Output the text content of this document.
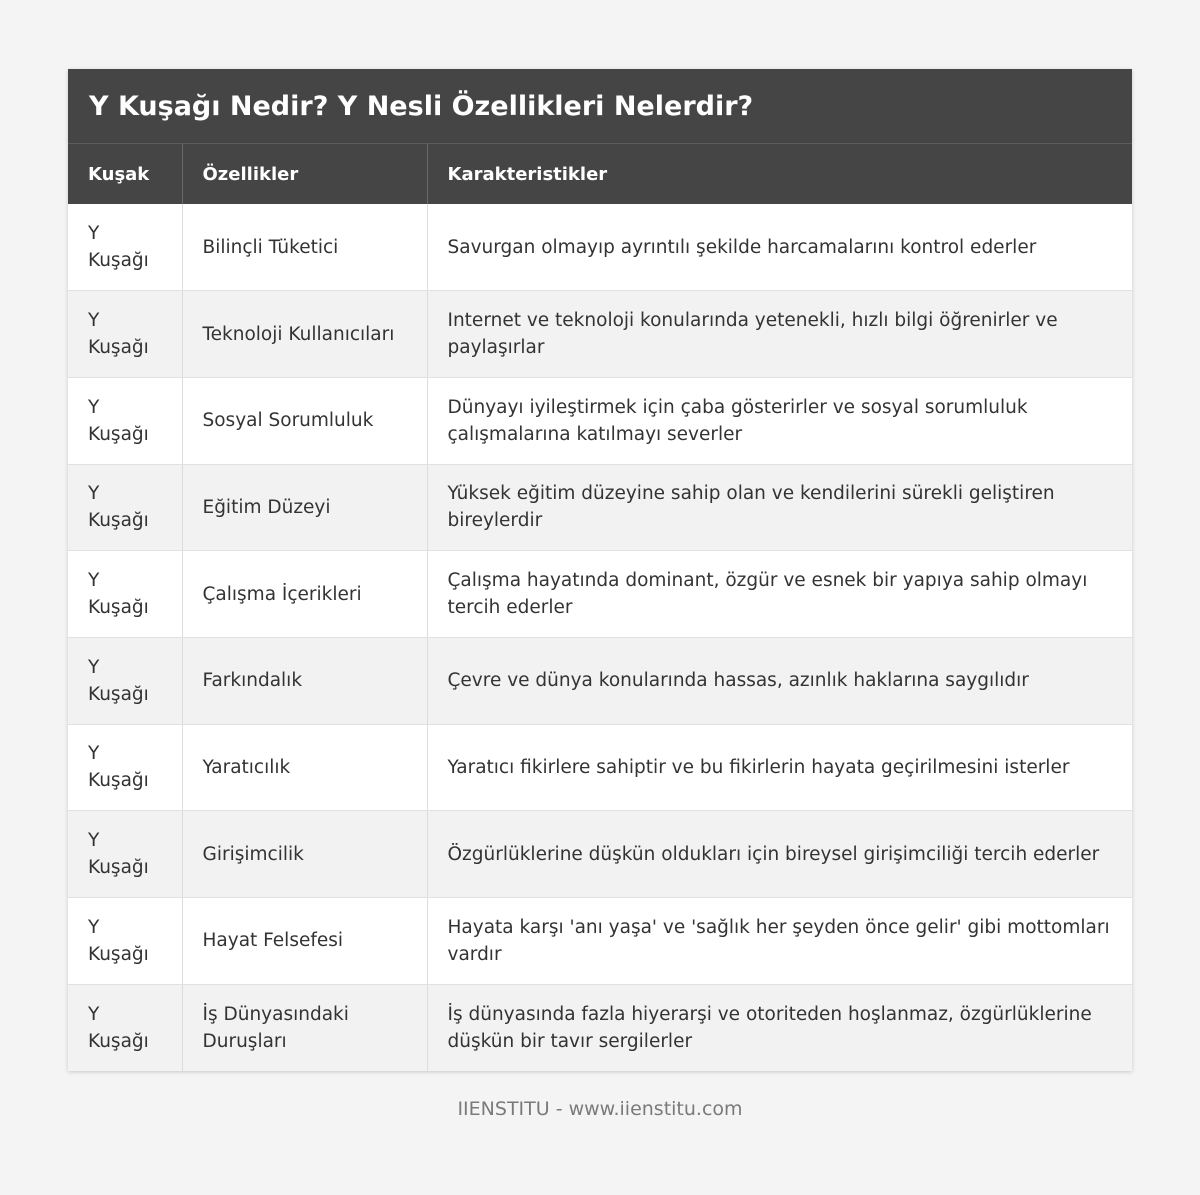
Y Kuşağı Nedir? Y Nesli Özellikleri Nelerdir?
Kuşak	Özellikler	Karakteristikler
Y Kuşağı	Bilinçli Tüketici	Savurgan olmayıp ayrıntılı şekilde harcamalarını kontrol ederler
Y Kuşağı	Teknoloji Kullanıcıları	Internet ve teknoloji konularında yetenekli, hızlı bilgi öğrenirler ve paylaşırlar
Y Kuşağı	Sosyal Sorumluluk	Dünyayı iyileştirmek için çaba gösterirler ve sosyal sorumluluk çalışmalarına katılmayı severler
Y Kuşağı	Eğitim Düzeyi	Yüksek eğitim düzeyine sahip olan ve kendilerini sürekli geliştiren bireylerdir
Y Kuşağı	Çalışma İçerikleri	Çalışma hayatında dominant, özgür ve esnek bir yapıya sahip olmayı tercih ederler
Y Kuşağı	Farkındalık	Çevre ve dünya konularında hassas, azınlık haklarına saygılıdır
Y Kuşağı	Yaratıcılık	Yaratıcı fikirlere sahiptir ve bu fikirlerin hayata geçirilmesini isterler
Y Kuşağı	Girişimcilik	Özgürlüklerine düşkün oldukları için bireysel girişimciliği tercih ederler
Y Kuşağı	Hayat Felsefesi	Hayata karşı 'anı yaşa' ve 'sağlık her şeyden önce gelir' gibi mottomları vardır
Y Kuşağı	İş Dünyasındaki Duruşları	İş dünyasında fazla hiyerarşi ve otoriteden hoşlanmaz, özgürlüklerine düşkün bir tavır sergilerler
IIENSTITU - www.iienstitu.com
